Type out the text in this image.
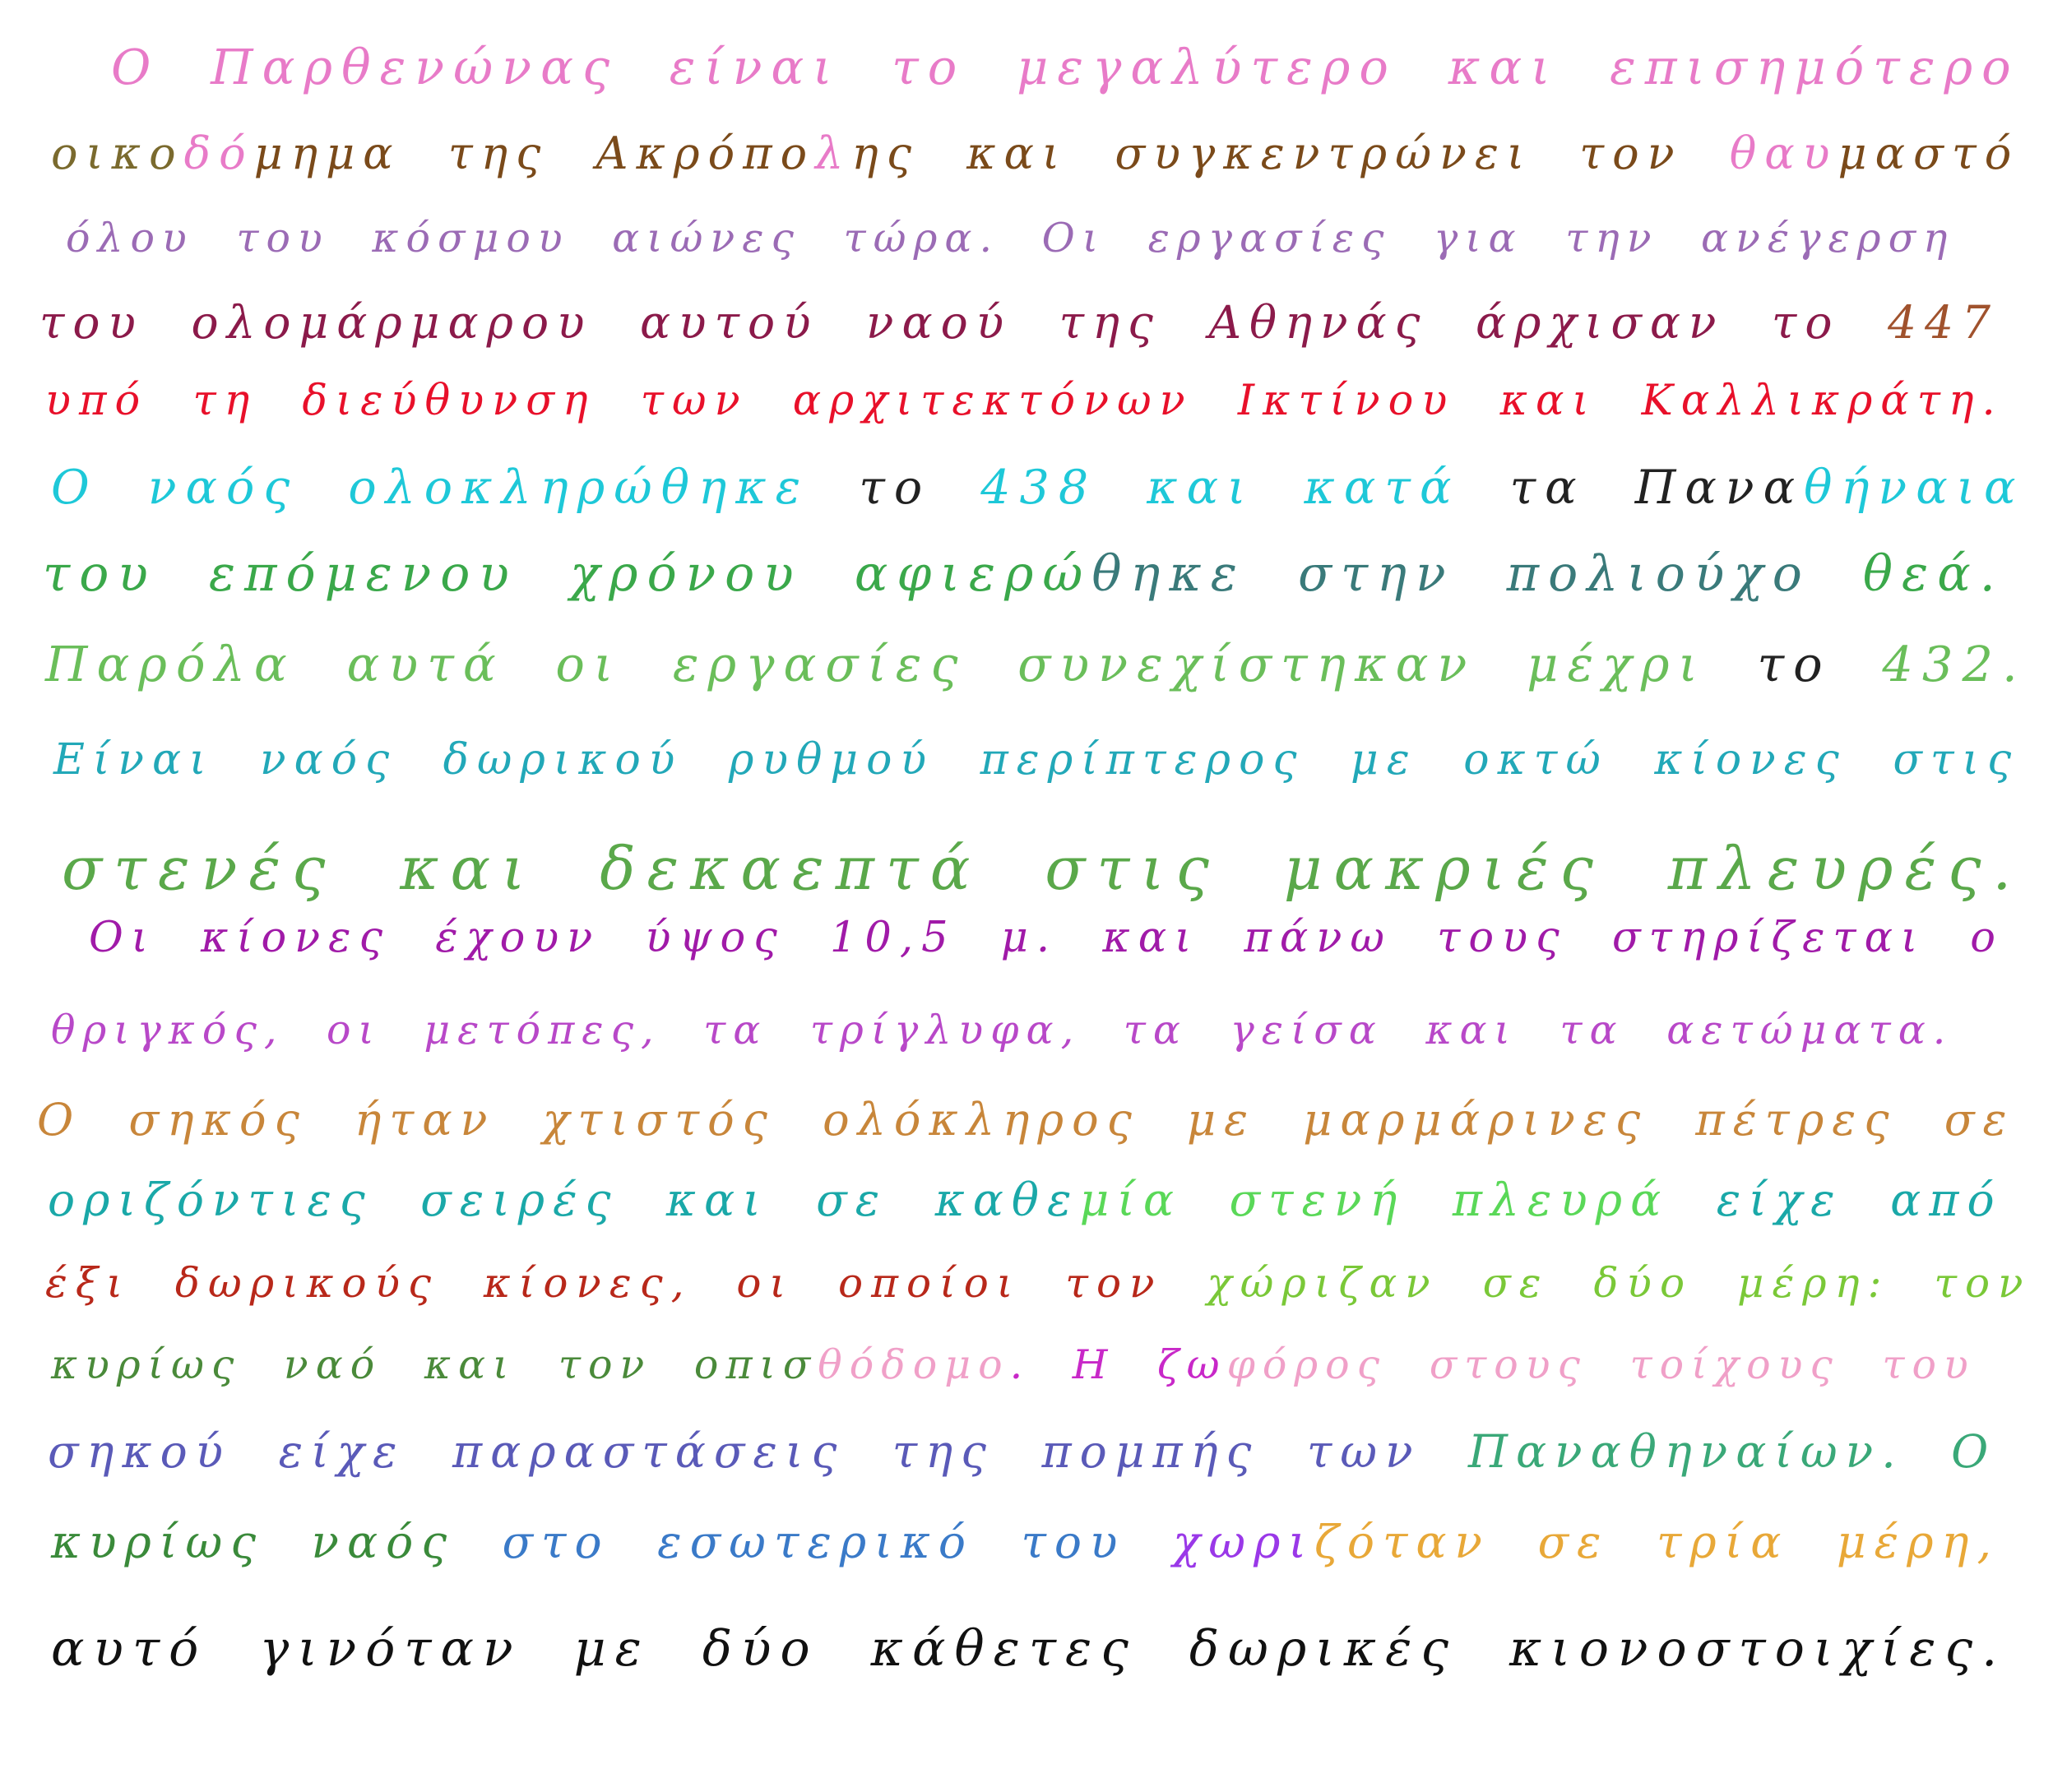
Ο Παρθενώνας είναι το μεγαλύτερο και επισημότερο
οικοδόμημα της Ακρόπολης και συγκεντρώνει τον θαυμαστό
όλου του κόσμου αιώνες τώρα. Οι εργασίες για την ανέγερση
του ολομάρμαρου αυτού ναού της Αθηνάς άρχισαν το 447
υπό τη διεύθυνση των αρχιτεκτόνων Ικτίνου και Καλλικράτη.
Ο ναός ολοκληρώθηκε το 438 και κατά τα Παναθήναια
του επόμενου χρόνου αφιερώθηκε στην πολιούχο θεά.
Παρόλα αυτά οι εργασίες συνεχίστηκαν μέχρι το 432.
Είναι ναός δωρικού ρυθμού περίπτερος με οκτώ κίονες στις
στενές και δεκαεπτά στις μακριές πλευρές.
Οι κίονες έχουν ύψος 10,5 μ. και πάνω τους στηρίζεται ο
θριγκός, οι μετόπες, τα τρίγλυφα, τα γείσα και τα αετώματα.
Ο σηκός ήταν χτιστός ολόκληρος με μαρμάρινες πέτρες σε
οριζόντιες σειρές και σε καθεμία στενή πλευρά είχε από
έξι δωρικούς κίονες, οι οποίοι τον χώριζαν σε δύο μέρη: τον
κυρίως ναό και τον οπισθόδομο. Η ζωφόρος στους τοίχους του
σηκού είχε παραστάσεις της πομπής των Παναθηναίων. Ο
κυρίως ναός στο εσωτερικό του χωριζόταν σε τρία μέρη,
αυτό γινόταν με δύο κάθετες δωρικές κιονοστοιχίες.
